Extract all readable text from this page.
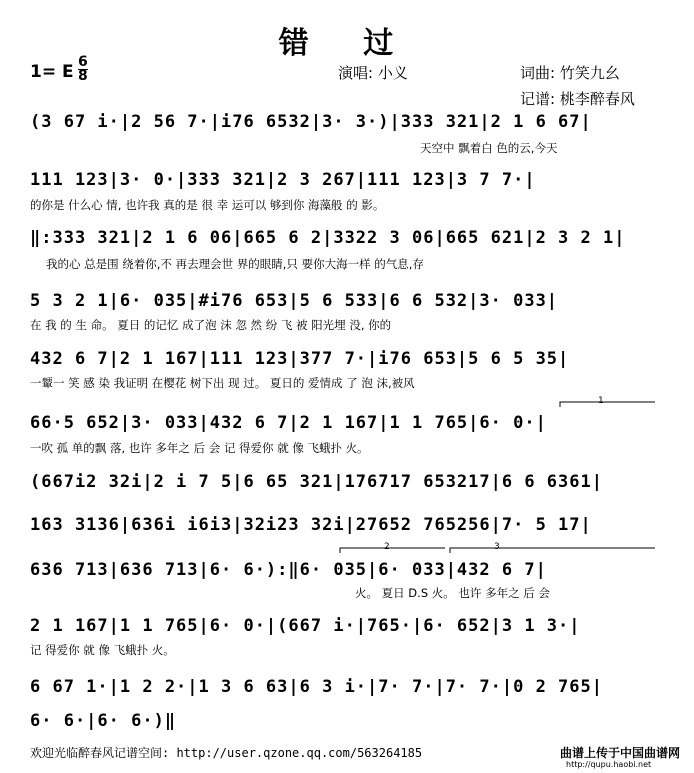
错 过
1= E 6
8	演唱: 小义	词曲: 竹笑九幺
记谱: 桃李醉春风
(3 67 i·|2 56 7·|i76 6532|3· 3·)|333 321|2 1 6 67|
天空中 飘着白 色的云,今天
111 123|3· 0·|333 321|2 3 267|111 123|3 7 7·|
的你是 什么心 情, 也许我 真的是 很 幸 运可以 够到你 海藻般 的 影。
‖:333 321|2 1 6 06|665 6 2|3322 3 06|665 621|2 3 2 1|
我的心 总是围 绕着你,不 再去理会世 界的眼睛,只 要你大海一样 的气息,存
5 3 2 1|6· 035|#i76 653|5 6 533|6 6 532|3· 033|
在 我 的 生 命。 夏日 的记忆 成了泡 沫 忽 然 纷 飞 被 阳光埋 没, 你的
432 6 7|2 1 167|111 123|377 7·|i76 653|5 6 5 35|
一颦一 笑 感 染 我证明 在樱花 树下出 现 过。 夏日的 爱情成 了 泡 沫,被风
66·5 652|3· 033|432 6 7|2 1 167|1 1 765|6· 0·|
一吹 孤 单的飘 落, 也许 多年之 后 会 记 得爱你 就 像 飞蛾扑 火。
(667i2 32i|2 i 7 5|6 65 321|176717 653217|6 6 6361|
163 3136|636i i6i3|32i23 32i|27652 765256|7· 5 17|
636 713|636 713|6· 6·):‖6· 035|6· 033|432 6 7|
火。 夏日 D.S 火。 也许 多年之 后 会
2 1 167|1 1 765|6· 0·|(667 i·|765·|6· 652|3 1 3·|
记 得爱你 就 像 飞蛾扑 火。
6 67 1·|1 2 2·|1 3 6 63|6 3 i·|7· 7·|7· 7·|0 2 765|
6· 6·|6· 6·)‖
1
2	3
欢迎光临醉春风记谱空间: http://user.qzone.qq.com/563264185	曲谱上传于中国曲谱网
http://qupu.haobi.net
